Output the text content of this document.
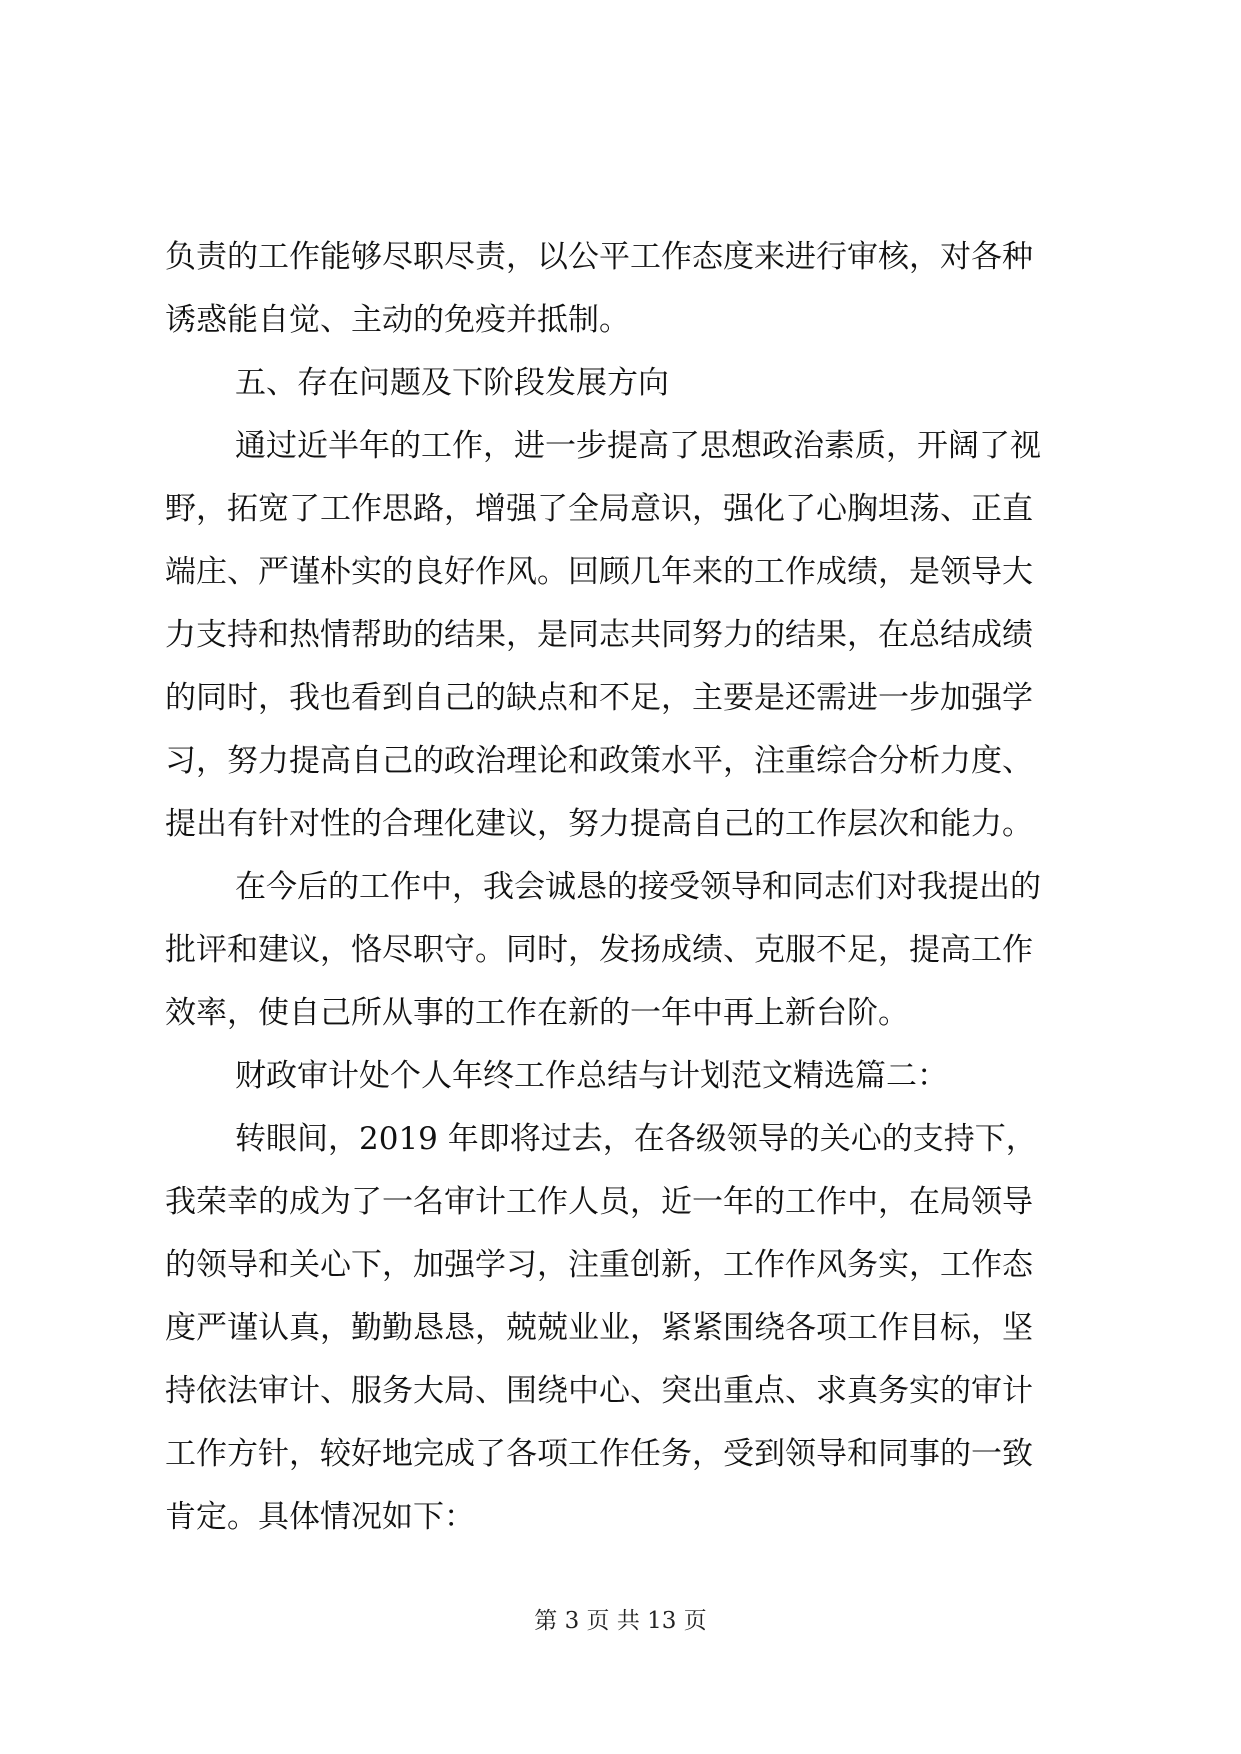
负责的工作能够尽职尽责，以公平工作态度来进行审核，对各种
诱惑能自觉、主动的免疫并抵制。
五、存在问题及下阶段发展方向
通过近半年的工作，进一步提高了思想政治素质，开阔了视
野，拓宽了工作思路，增强了全局意识，强化了心胸坦荡、正直
端庄、严谨朴实的良好作风。回顾几年来的工作成绩，是领导大
力支持和热情帮助的结果，是同志共同努力的结果，在总结成绩
的同时，我也看到自己的缺点和不足，主要是还需进一步加强学
习，努力提高自己的政治理论和政策水平，注重综合分析力度、
提出有针对性的合理化建议，努力提高自己的工作层次和能力。
在今后的工作中，我会诚恳的接受领导和同志们对我提出的
批评和建议，恪尽职守。同时，发扬成绩、克服不足，提高工作
效率，使自己所从事的工作在新的一年中再上新台阶。
财政审计处个人年终工作总结与计划范文精选篇二：
转眼间，2019 年即将过去，在各级领导的关心的支持下，
我荣幸的成为了一名审计工作人员，近一年的工作中，在局领导
的领导和关心下，加强学习，注重创新，工作作风务实，工作态
度严谨认真，勤勤恳恳，兢兢业业，紧紧围绕各项工作目标，坚
持依法审计、服务大局、围绕中心、突出重点、求真务实的审计
工作方针，较好地完成了各项工作任务，受到领导和同事的一致
肯定。具体情况如下：
第 3 页 共 13 页
